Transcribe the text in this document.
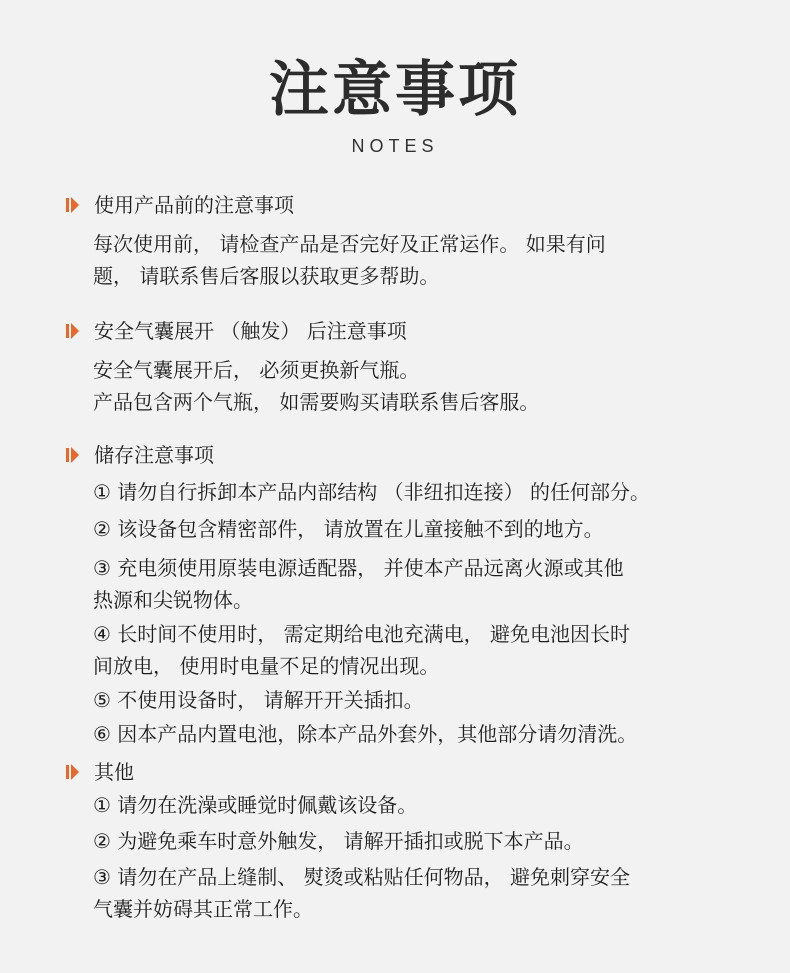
注意事项
NOTES
使用产品前的注意事项
每次使用前， 请检查产品是否完好及正常运作。 如果有问
题， 请联系售后客服以获取更多帮助。
安全气囊展开 （触发） 后注意事项
安全气囊展开后， 必须更换新气瓶。
产品包含两个气瓶， 如需要购买请联系售后客服。
储存注意事项
① 请勿自行拆卸本产品内部结构 （非纽扣连接） 的任何部分。
② 该设备包含精密部件， 请放置在儿童接触不到的地方。
③ 充电须使用原装电源适配器， 并使本产品远离火源或其他
热源和尖锐物体。
④ 长时间不使用时， 需定期给电池充满电， 避免电池因长时
间放电， 使用时电量不足的情况出现。
⑤ 不使用设备时， 请解开开关插扣。
⑥ 因本产品内置电池，除本产品外套外，其他部分请勿清洗。
其他
① 请勿在洗澡或睡觉时佩戴该设备。
② 为避免乘车时意外触发， 请解开插扣或脱下本产品。
③ 请勿在产品上缝制、 熨烫或粘贴任何物品， 避免刺穿安全
气囊并妨碍其正常工作。
